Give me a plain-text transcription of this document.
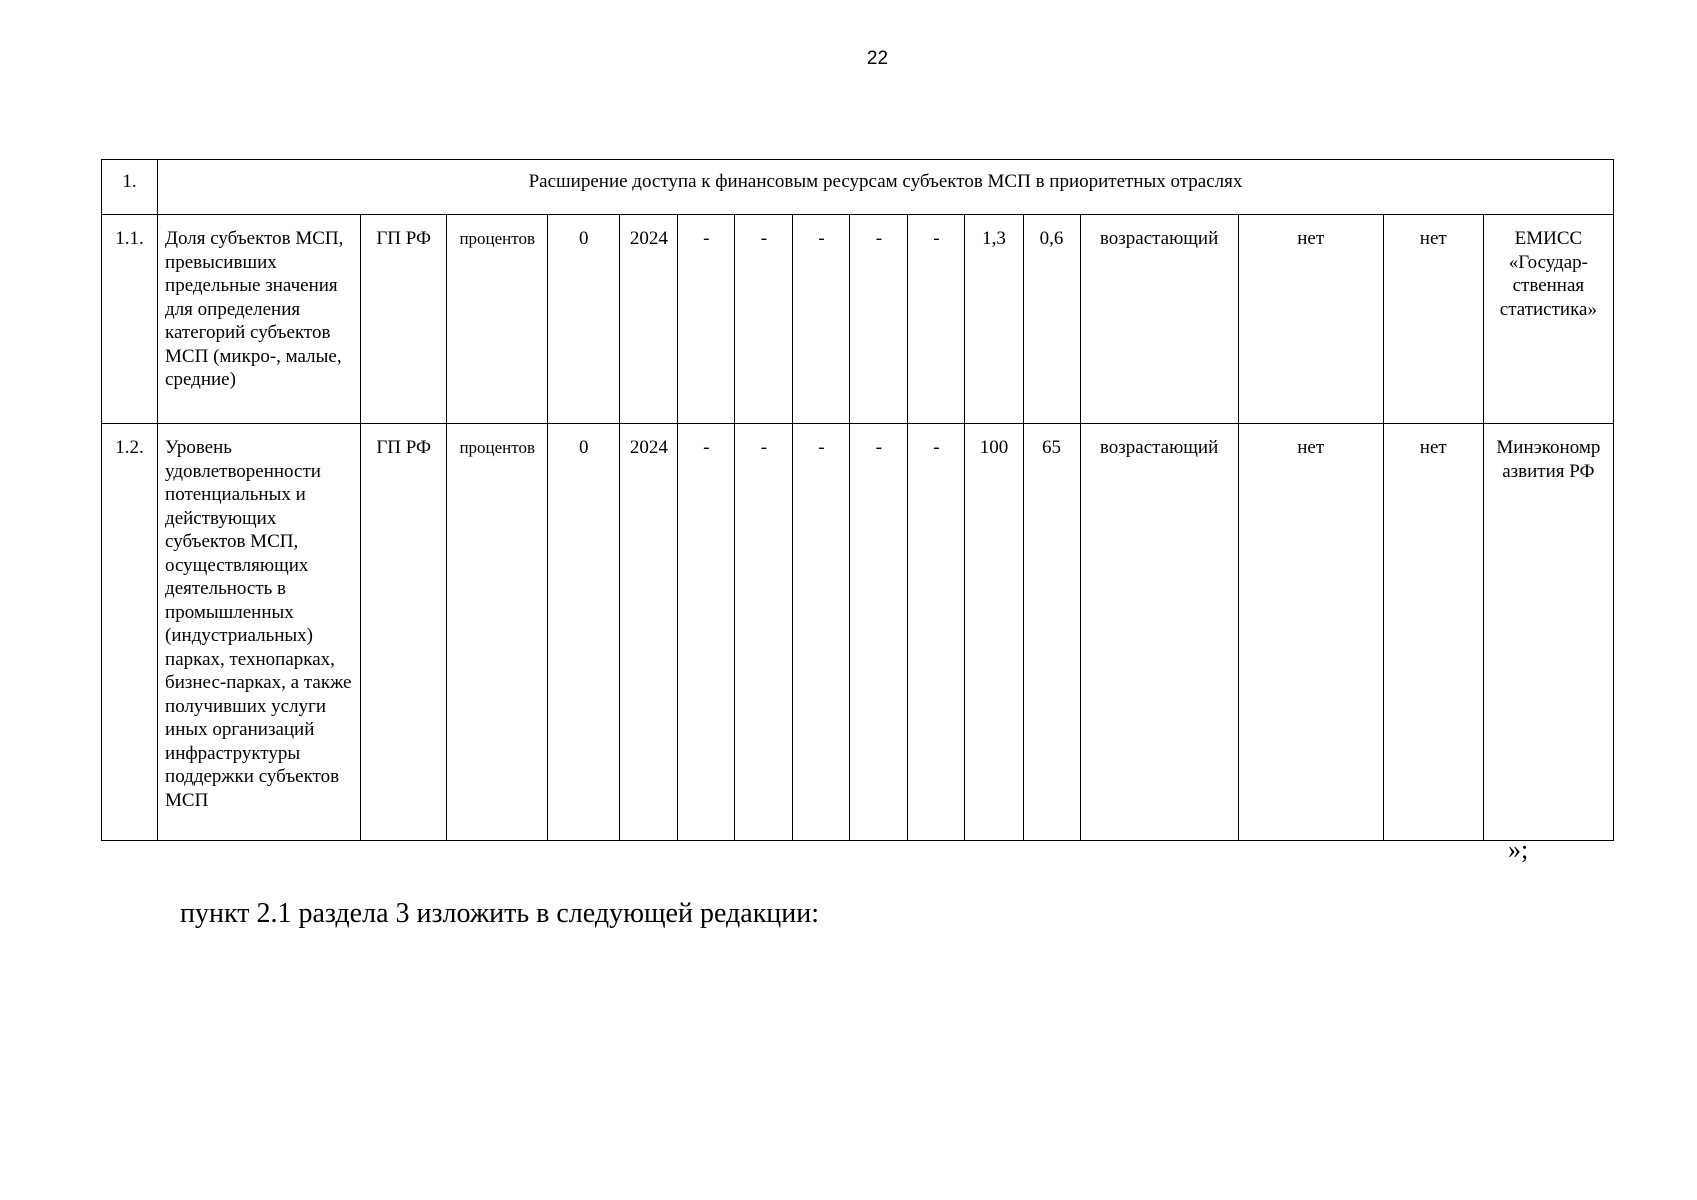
22
1.	Расширение доступа к финансовым ресурсам субъектов МСП в приоритетных отраслях															
1.1.	Доля субъектов МСП, превысивших предельные значения для определения категорий субъектов МСП (микро-, малые, средние)	ГП РФ	процентов	0	2024	-	-	-	-	-	1,3	0,6	возрастающий	нет	нет	ЕМИСС «Государ-ственная статистика»
1.2.	Уровень удовлетворенности потенциальных и действующих субъектов МСП, осуществляющих деятельность в промышленных (индустриальных) парках, технопарках, бизнес-парках, а также получивших услуги иных организаций инфраструктуры поддержки субъектов МСП	ГП РФ	процентов	0	2024	-	-	-	-	-	100	65	возрастающий	нет	нет	Минэкономр азвития РФ
»;
пункт 2.1 раздела 3 изложить в следующей редакции:
